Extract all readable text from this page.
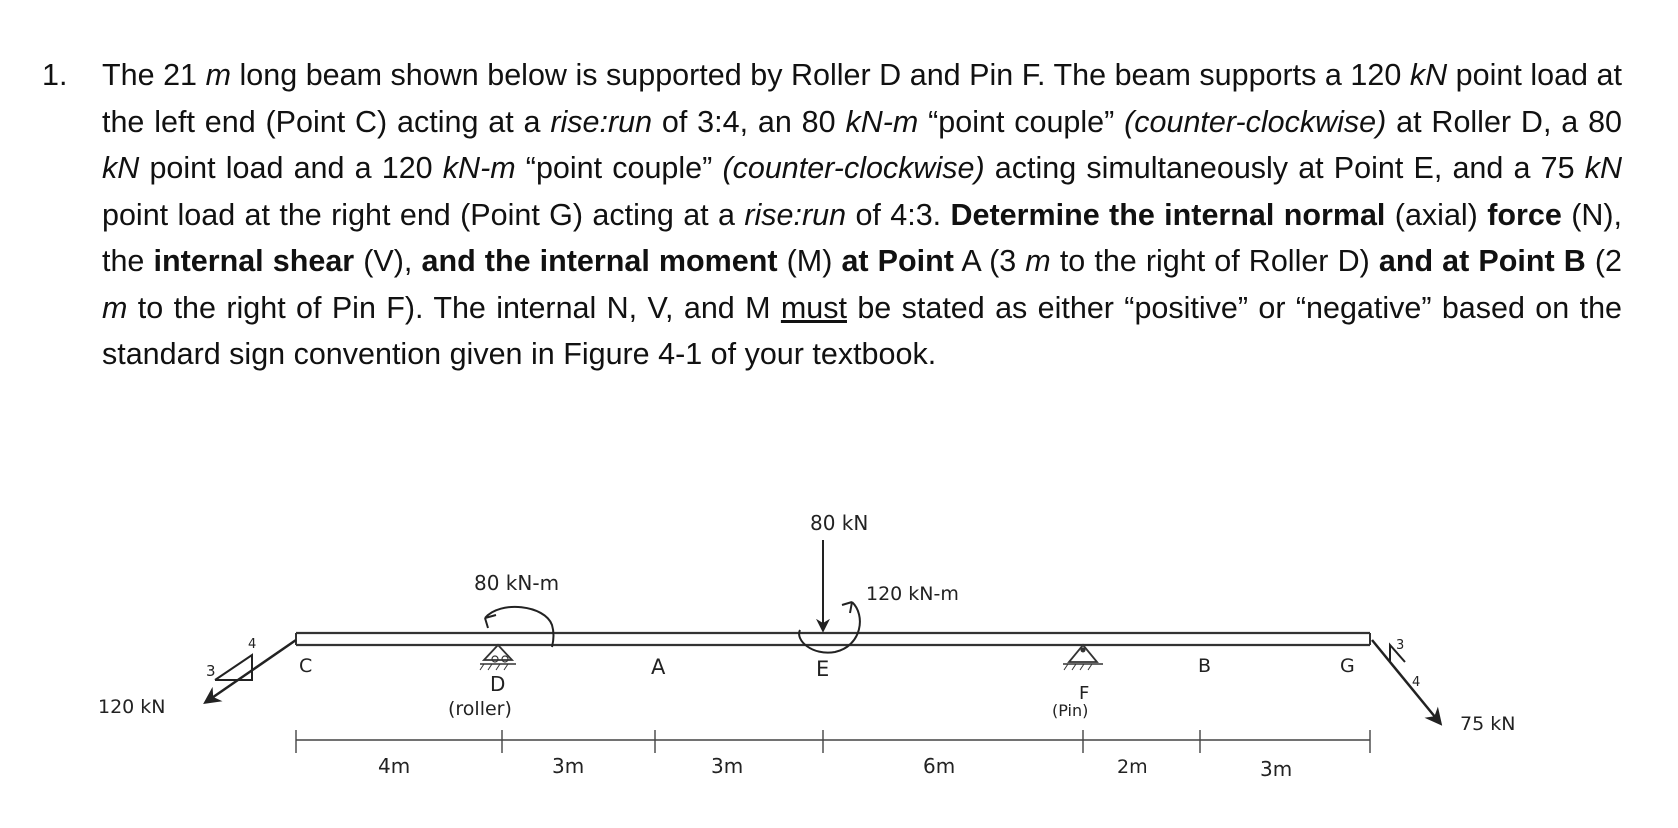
1. The 21 m long beam shown below is supported by Roller D and Pin F. The beam supports a 120 kN point load at the left end (Point C) acting at a rise:run of 3:4, an 80 kN-m “point couple” (counter-clockwise) at Roller D, a 80 kN point load and a 120 kN-m “point couple” (counter-clockwise) acting simultaneously at Point E, and a 75 kN point load at the right end (Point G) acting at a rise:run of 4:3. Determine the internal normal (axial) force (N), the internal shear (V), and the internal moment (M) at Point A (3 m to the right of Roller D) and at Point B (2 m to the right of Pin F). The internal N, V, and M must be stated as either “positive” or “negative” based on the standard sign convention given in Figure 4-1 of your textbook.
3
4
120 kN
D
(roller)
80 kN-m
A
80 kN
120 kN-m
E
F
(Pin)
B	G
3
4
75 kN
C
4m	3m	3m	6m	2m	3m
